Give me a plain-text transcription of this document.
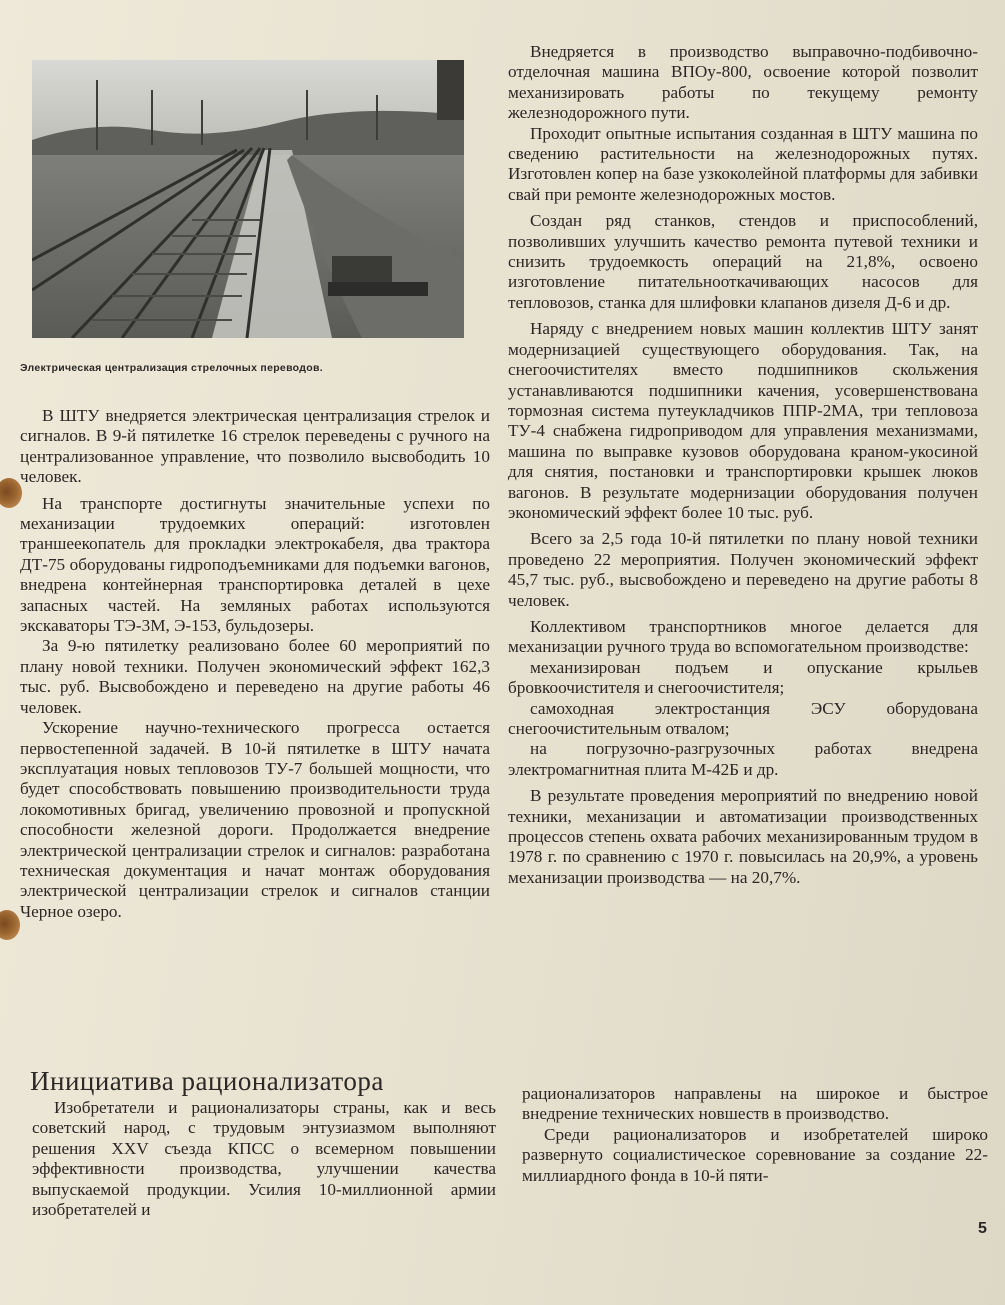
Электрическая централизация стрелочных переводов.

В ШТУ внедряется электрическая централизация стрелок и сигналов. В 9-й пятилетке 16 стрелок переведены с ручного на централизованное управление, что позволило высвободить 10 человек.

На транспорте достигнуты значительные успехи по механизации трудоемких операций: изготовлен траншеекопатель для прокладки электрокабеля, два трактора ДТ-75 оборудованы гидроподъемниками для подъемки вагонов, внедрена контейнерная транспортировка деталей в цехе запасных частей. На земляных работах используются экскаваторы ТЭ-3М, Э-153, бульдозеры.

За 9-ю пятилетку реализовано более 60 мероприятий по плану новой техники. Получен экономический эффект 162,3 тыс. руб. Высвобождено и переведено на другие работы 46 человек.

Ускорение научно-технического прогресса остается первостепенной задачей. В 10-й пятилетке в ШТУ начата эксплуатация новых тепловозов ТУ-7 большей мощности, что будет способствовать повышению производительности труда локомотивных бригад, увеличению провозной и пропускной способности железной дороги. Продолжается внедрение электрической централизации стрелок и сигналов: разработана техническая документация и начат монтаж оборудования электрической централизации стрелок и сигналов станции Черное озеро.

Внедряется в производство выправочно-подбивочно-отделочная машина ВПОу-800, освоение которой позволит механизировать работы по текущему ремонту железнодорожного пути.

Проходит опытные испытания созданная в ШТУ машина по сведению растительности на железнодорожных путях. Изготовлен копер на базе узкоколейной платформы для забивки свай при ремонте железнодорожных мостов.

Создан ряд станков, стендов и приспособлений, позволивших улучшить качество ремонта путевой техники и снизить трудоемкость операций на 21,8%, освоено изготовление питательнооткачивающих насосов для тепловозов, станка для шлифовки клапанов дизеля Д-6 и др.

Наряду с внедрением новых машин коллектив ШТУ занят модернизацией существующего оборудования. Так, на снегоочистителях вместо подшипников скольжения устанавливаются подшипники качения, усовершенствована тормозная система путеукладчиков ППР-2МА, три тепловоза ТУ-4 снабжена гидроприводом для управления механизмами, машина по выправке кузовов оборудована краном-укосиной для снятия, постановки и транспортировки крышек люков вагонов. В результате модернизации оборудования получен экономический эффект более 10 тыс. руб.

Всего за 2,5 года 10-й пятилетки по плану новой техники проведено 22 мероприятия. Получен экономический эффект 45,7 тыс. руб., высвобождено и переведено на другие работы 8 человек.

Коллективом транспортников многое делается для механизации ручного труда во вспомогательном производстве:

механизирован подъем и опускание крыльев бровкоочистителя и снегоочистителя;

самоходная электростанция ЭСУ оборудована снегоочистительным отвалом;

на погрузочно-разгрузочных работах внедрена электромагнитная плита М-42Б и др.

В результате проведения мероприятий по внедрению новой техники, механизации и автоматизации производственных процессов степень охвата рабочих механизированным трудом в 1978 г. по сравнению с 1970 г. повысилась на 20,9%, а уровень механизации производства — на 20,7%.

Инициатива рационализатора

Изобретатели и рационализаторы страны, как и весь советский народ, с трудовым энтузиазмом выполняют решения XXV съезда КПСС о всемерном повышении эффективности производства, улучшении качества выпускаемой продукции. Усилия 10-миллионной армии изобретателей и

рационализаторов направлены на широкое и быстрое внедрение технических новшеств в производство.

Среди рационализаторов и изобретателей широко развернуто социалистическое соревнование за создание 22-миллиардного фонда в 10-й пяти-

5
